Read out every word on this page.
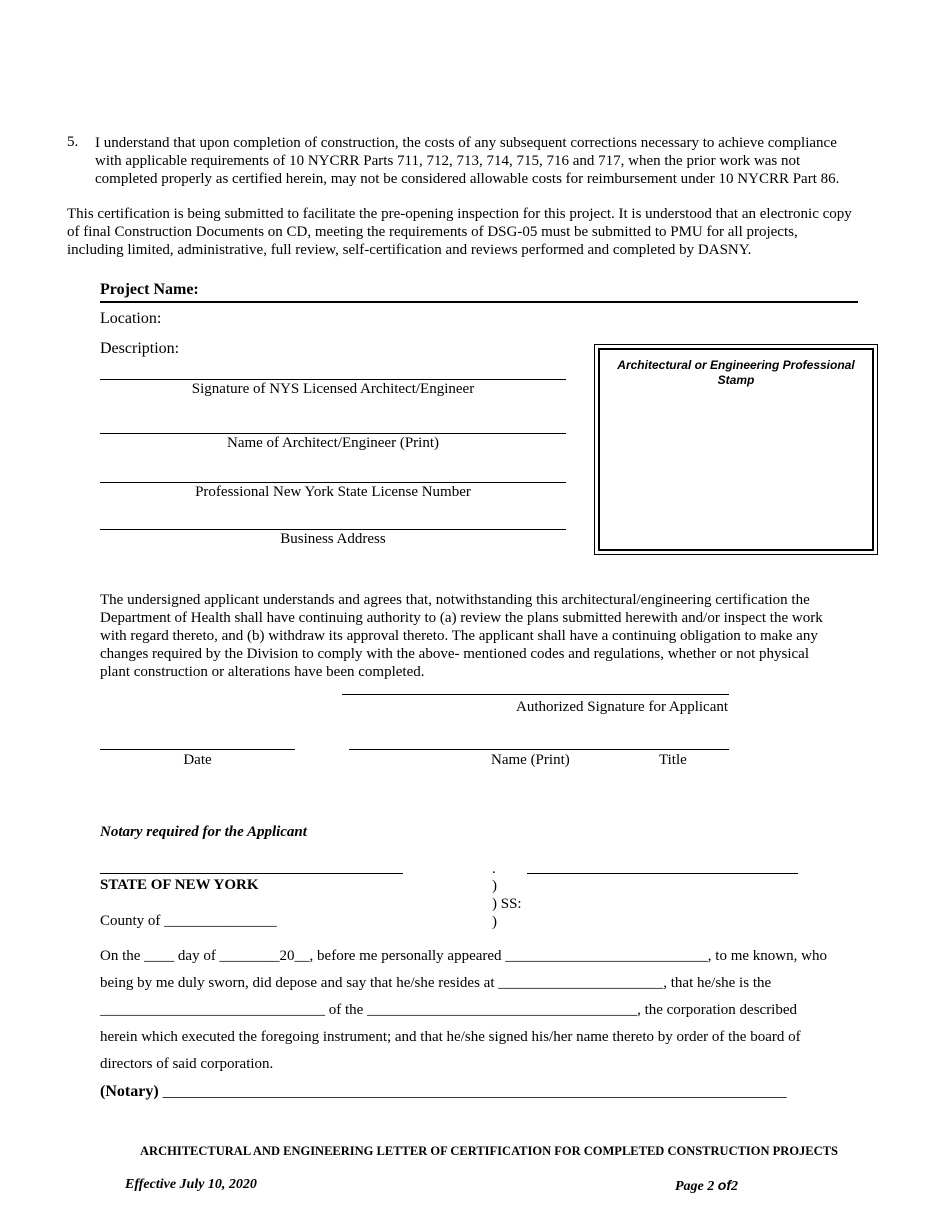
5. I understand that upon completion of construction, the costs of any subsequent corrections necessary to achieve compliance
with applicable requirements of 10 NYCRR Parts 711, 712, 713, 714, 715, 716 and 717, when the prior work was not
completed properly as certified herein, may not be considered allowable costs for reimbursement under 10 NYCRR Part 86.
This certification is being submitted to facilitate the pre-opening inspection for this project. It is understood that an electronic copy
of final Construction Documents on CD, meeting the requirements of DSG-05 must be submitted to PMU for all projects,
including limited, administrative, full review, self-certification and reviews performed and completed by DASNY.
Project Name:
Location:
Description:
Signature of NYS Licensed Architect/Engineer
Name of Architect/Engineer (Print)
Professional New York State License Number
Business Address
Architectural or Engineering Professional Stamp
The undersigned applicant understands and agrees that, notwithstanding this architectural/engineering certification the
Department of Health shall have continuing authority to (a) review the plans submitted herewith and/or inspect the work
with regard thereto, and (b) withdraw its approval thereto. The applicant shall have a continuing obligation to make any
changes required by the Division to comply with the above- mentioned codes and regulations, whether or not physical
plant construction or alterations have been completed.
Authorized Signature for Applicant
Date	Name (Print)	Title
Notary required for the Applicant
.
STATE OF NEW YORK	)
) SS:
)
County of _______________
On the ____ day of ________20__, before me personally appeared ___________________________, to me known, who
being by me duly sworn, did depose and say that he/she resides at ______________________, that he/she is the
______________________________ of the ____________________________________, the corporation described
herein which executed the foregoing instrument; and that he/she signed his/her name thereto by order of the board of
directors of said corporation.
(Notary) ______________________________________________________________________________
ARCHITECTURAL AND ENGINEERING LETTER OF CERTIFICATION FOR COMPLETED CONSTRUCTION PROJECTS
Effective July 10, 2020	Page 2 of2
